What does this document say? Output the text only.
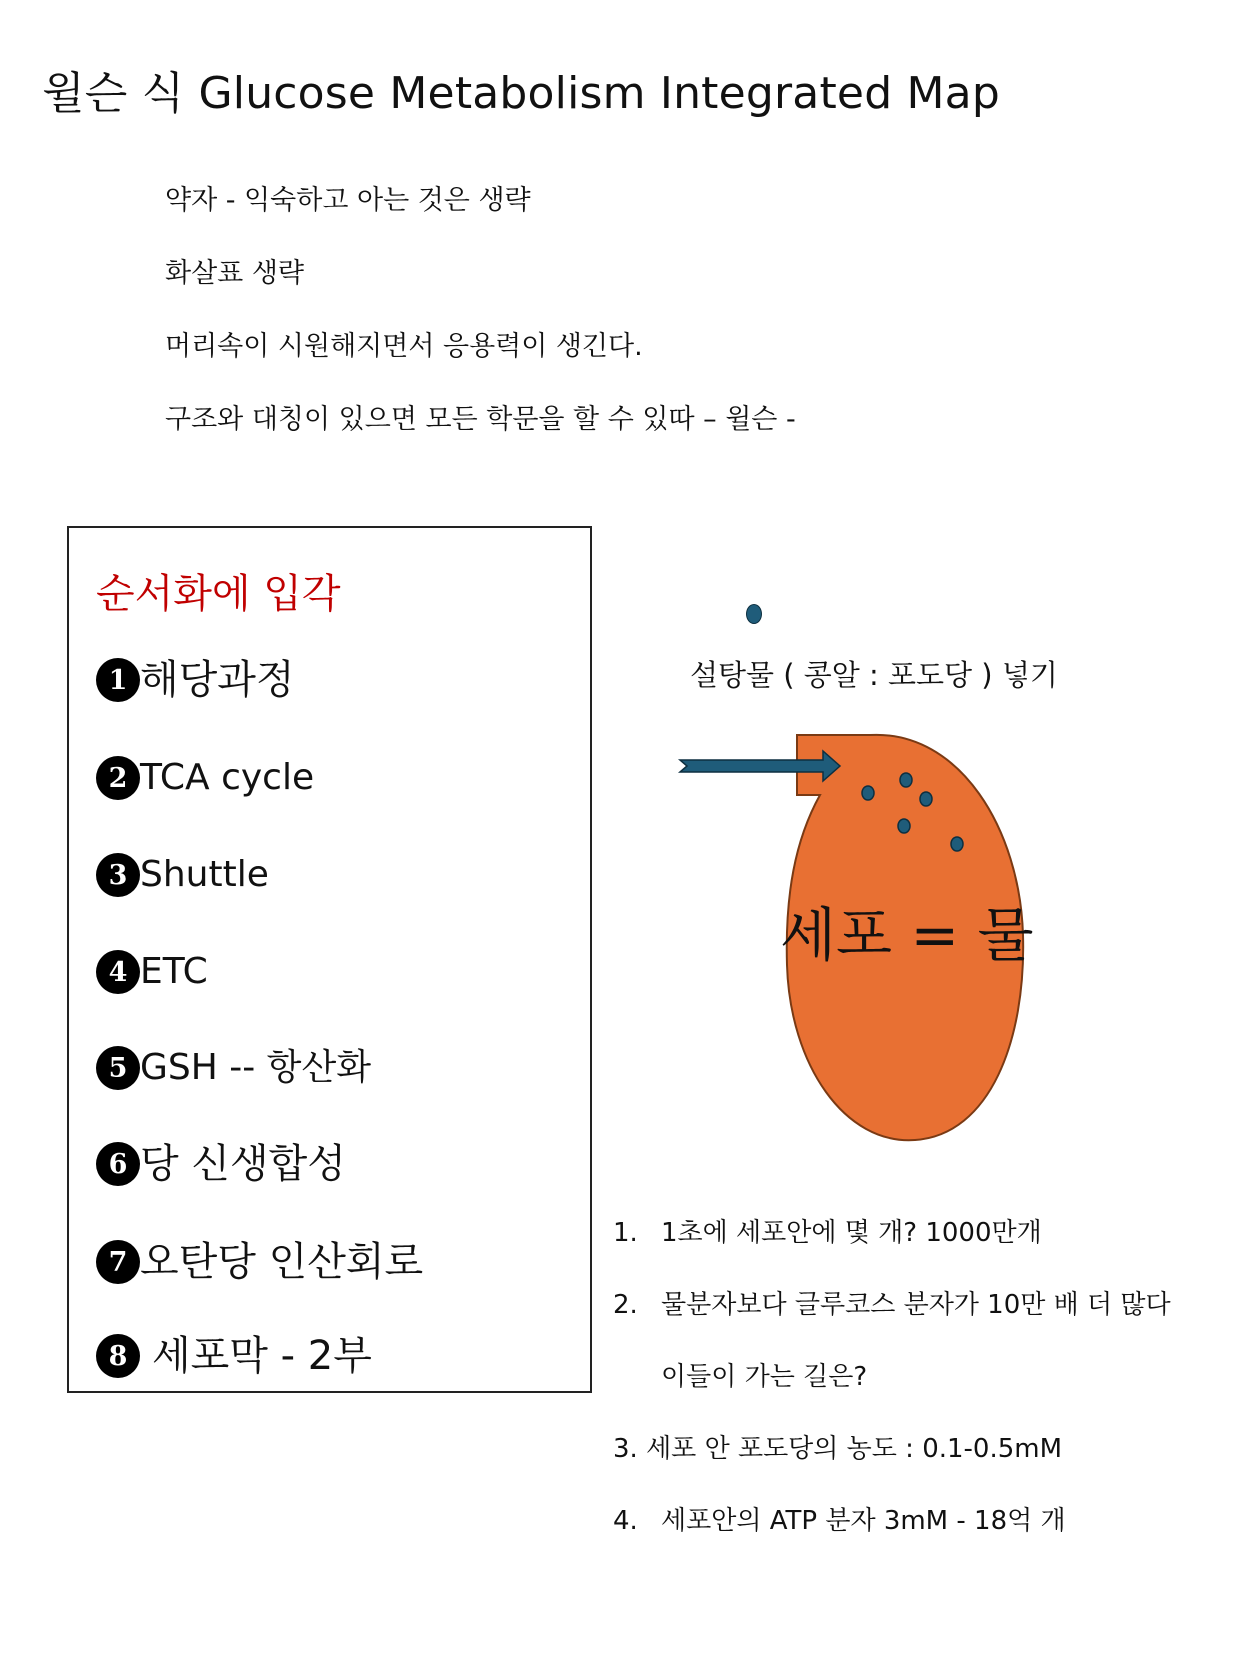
윌슨 식 Glucose Metabolism Integrated Map
약자 - 익숙하고 아는 것은 생략
화살표 생략
머리속이 시원해지면서 응용력이 생긴다.
구조와 대칭이 있으면 모든 학문을 할 수 있따 – 윌슨 -
순서화에 입각
1 해당과정
2 TCA cycle
3 Shuttle
4 ETC
5 GSH -- 항산화
6 당 신생합성
7 오탄당 인산회로
8 세포막 - 2부
설탕물 ( 콩알 : 포도당 ) 넣기
세포 = 물
1. 1초에 세포안에 몇 개? 1000만개
2. 물분자보다 글루코스 분자가 10만 배 더 많다
이들이 가는 길은?
3. 세포 안 포도당의 농도 : 0.1-0.5mM
4. 세포안의 ATP 분자 3mM - 18억 개
